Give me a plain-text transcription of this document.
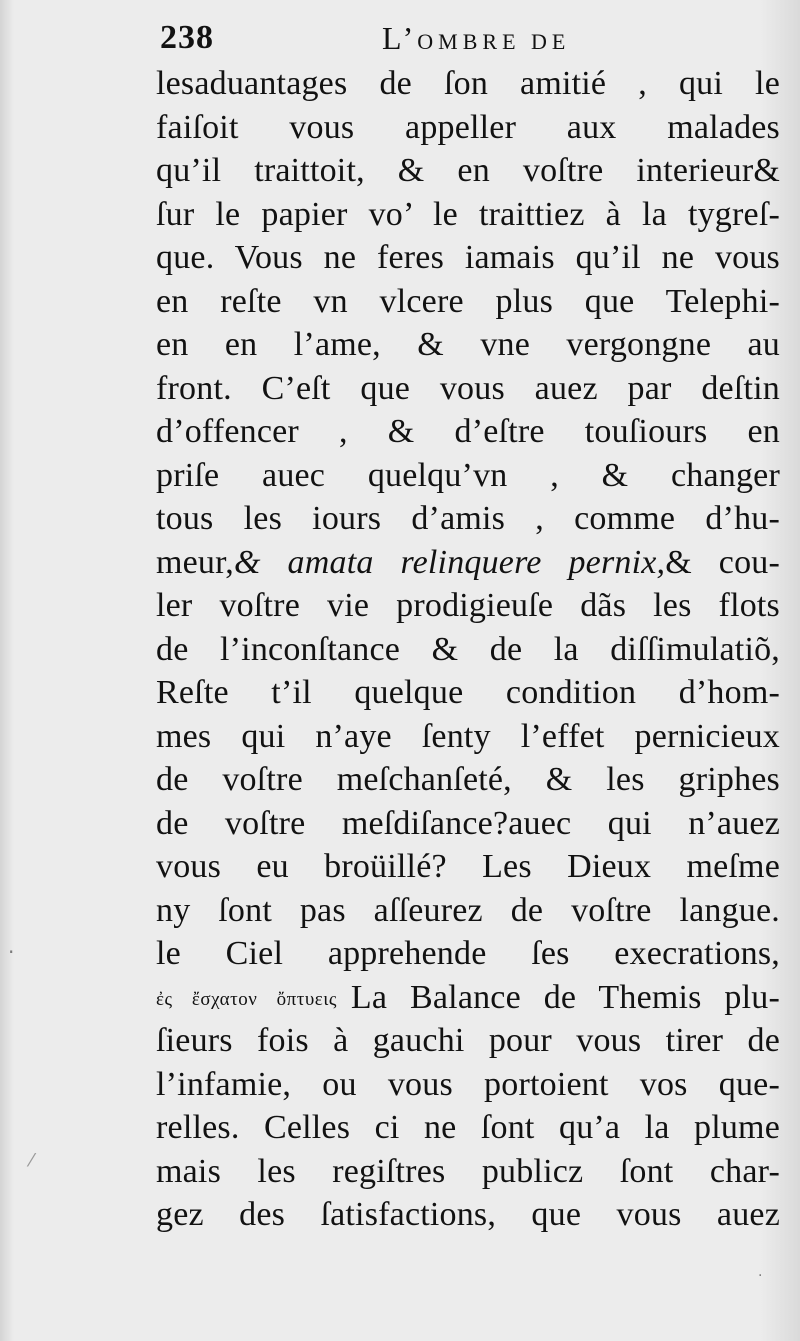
238	L’OMBRE DE
lesaduantages de ſon amitié , qui le
faiſoit vous appeller aux malades
qu’il traittoit, & en voſtre interieur&
ſur le papier vo’ le traittiez à la tygreſ-
que. Vous ne feres iamais qu’il ne vous
en reſte vn vlcere plus que Telephi-
en en l’ame, & vne vergongne au
front. C’eſt que vous auez par deſtin
d’offencer , & d’eſtre touſiours en
priſe auec quelqu’vn , & changer
tous les iours d’amis , comme d’hu-
meur,& amata relinquere pernix,& cou-
ler voſtre vie prodigieuſe dãs les flots
de l’inconſtance & de la diſſimulatiõ,
Reſte t’il quelque condition d’hom-
mes qui n’aye ſenty l’effet pernicieux
de voſtre meſchanſeté, & les griphes
de voſtre meſdiſance?auec qui n’auez
vous eu broüillé? Les Dieux meſme
ny ſont pas aſſeurez de voſtre langue.
le Ciel apprehende ſes execrations,
ἐς ἔσχατον ὄπτυεις La Balance de Themis plu-
ſieurs fois à gauchi pour vous tirer de
l’infamie, ou vous portoient vos que-
relles. Celles ci ne ſont qu’a la plume
mais les regiſtres publicz ſont char-
gez des ſatisfactions, que vous auez
·
⁄
·
